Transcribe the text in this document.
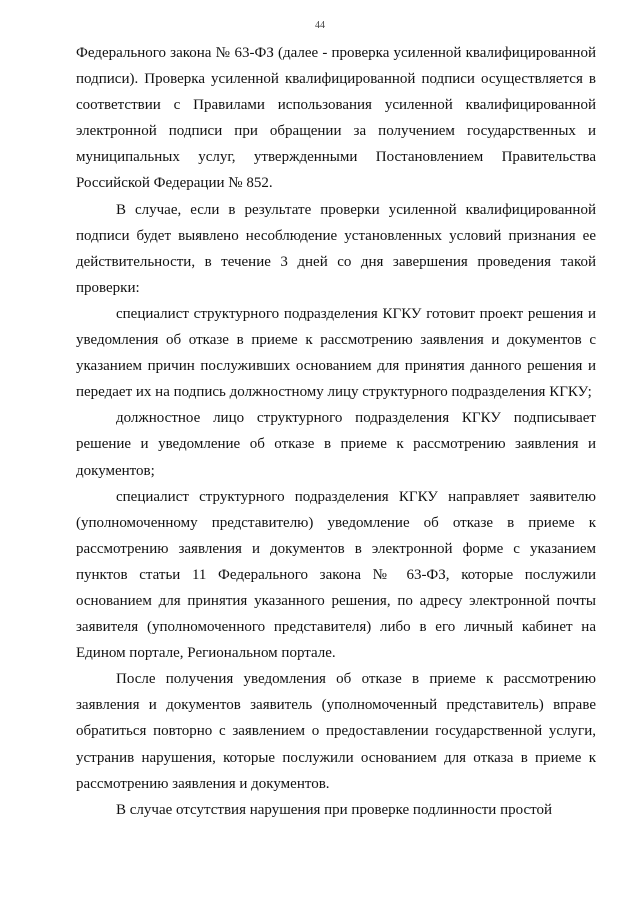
44

Федерального закона № 63-ФЗ (далее - проверка усиленной квалифицированной подписи). Проверка усиленной квалифицированной подписи осуществляется в соответствии с Правилами использования усиленной квалифицированной электронной подписи при обращении за получением государственных и муниципальных услуг, утвержденными Постановлением Правительства Российской Федерации № 852.

В случае, если в результате проверки усиленной квалифицированной подписи будет выявлено несоблюдение установленных условий признания ее действительности, в течение 3 дней со дня завершения проведения такой проверки:

специалист структурного подразделения КГКУ готовит проект решения и уведомления об отказе в приеме к рассмотрению заявления и документов с указанием причин послуживших основанием для принятия данного решения и передает их на подпись должностному лицу структурного подразделения КГКУ;

должностное лицо структурного подразделения КГКУ подписывает решение и уведомление об отказе в приеме к рассмотрению заявления и документов;

специалист структурного подразделения КГКУ направляет заявителю (уполномоченному представителю) уведомление об отказе в приеме к рассмотрению заявления и документов в электронной форме с указанием пунктов статьи 11 Федерального закона № 63-ФЗ, которые послужили основанием для принятия указанного решения, по адресу электронной почты заявителя (уполномоченного представителя) либо в его личный кабинет на Едином портале, Региональном портале.

После получения уведомления об отказе в приеме к рассмотрению заявления и документов заявитель (уполномоченный представитель) вправе обратиться повторно с заявлением о предоставлении государственной услуги, устранив нарушения, которые послужили основанием для отказа в приеме к рассмотрению заявления и документов.

В случае отсутствия нарушения при проверке подлинности простой
